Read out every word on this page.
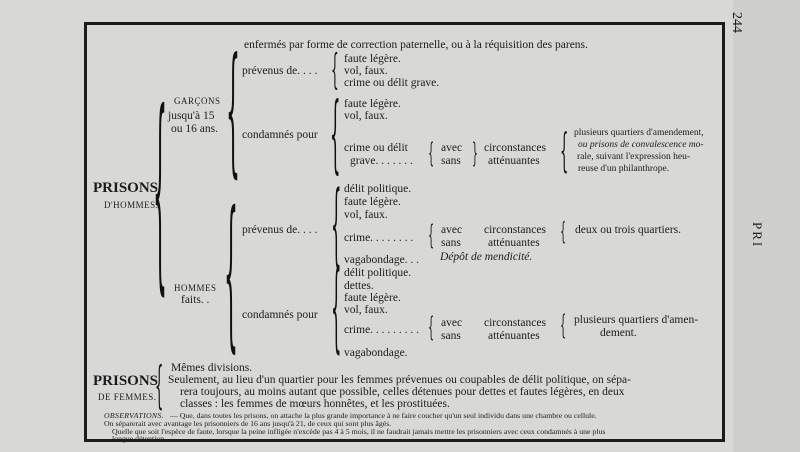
244
PRI
PRISONS
D'HOMMES.
{ GARÇONS
jusqu'à 15
ou 16 ans. { enfermés par forme de correction paternelle, ou à la réquisition des parens.
prévenus de. . . . { faute légère.
vol, faux.
crime ou délit grave.
condamnés pour { faute légère.
vol, faux.
crime ou délit
grave. . . . . . . { avec
sans { circonstances
atténuantes { plusieurs quartiers d'amendement,
ou prisons de convalescence mo-
rale, suivant l'expression heu-
reuse d'un philanthrope.
HOMMES
faits. . { prévenus de. . . . { délit politique.
faute légère.
vol, faux.
crime. . . . . . . . { avec
sans
circonstances
atténuantes { deux ou trois quartiers.
vagabondage. . . Dépôt de mendicité.
condamnés pour { délit politique.
dettes.
faute légère.
vol, faux.
crime. . . . . . . . . { avec
sans
circonstances
atténuantes { plusieurs quartiers d'amen-
dement.
vagabondage.
PRISONS
DE FEMMES.
{ Mêmes divisions.
Seulement, au lieu d'un quartier pour les femmes prévenues ou coupables de délit politique, on sépa-
rera toujours, au moins autant que possible, celles détenues pour dettes et fautes légères, en deux
classes : les femmes de mœurs honnêtes, et les prostituées.
OBSERVATIONS. — Que, dans toutes les prisons, on attache la plus grande importance à ne faire coucher qu'un seul individu dans une chambre ou cellule.
On séparerait avec avantage les prisonniers de 16 ans jusqu'à 21, de ceux qui sont plus âgés.
Quelle que soit l'espèce de faute, lorsque la peine infligée n'excède pas 4 à 5 mois, il ne faudrait jamais mettre les prisonniers avec ceux condamnés à une plus
longue détention.
